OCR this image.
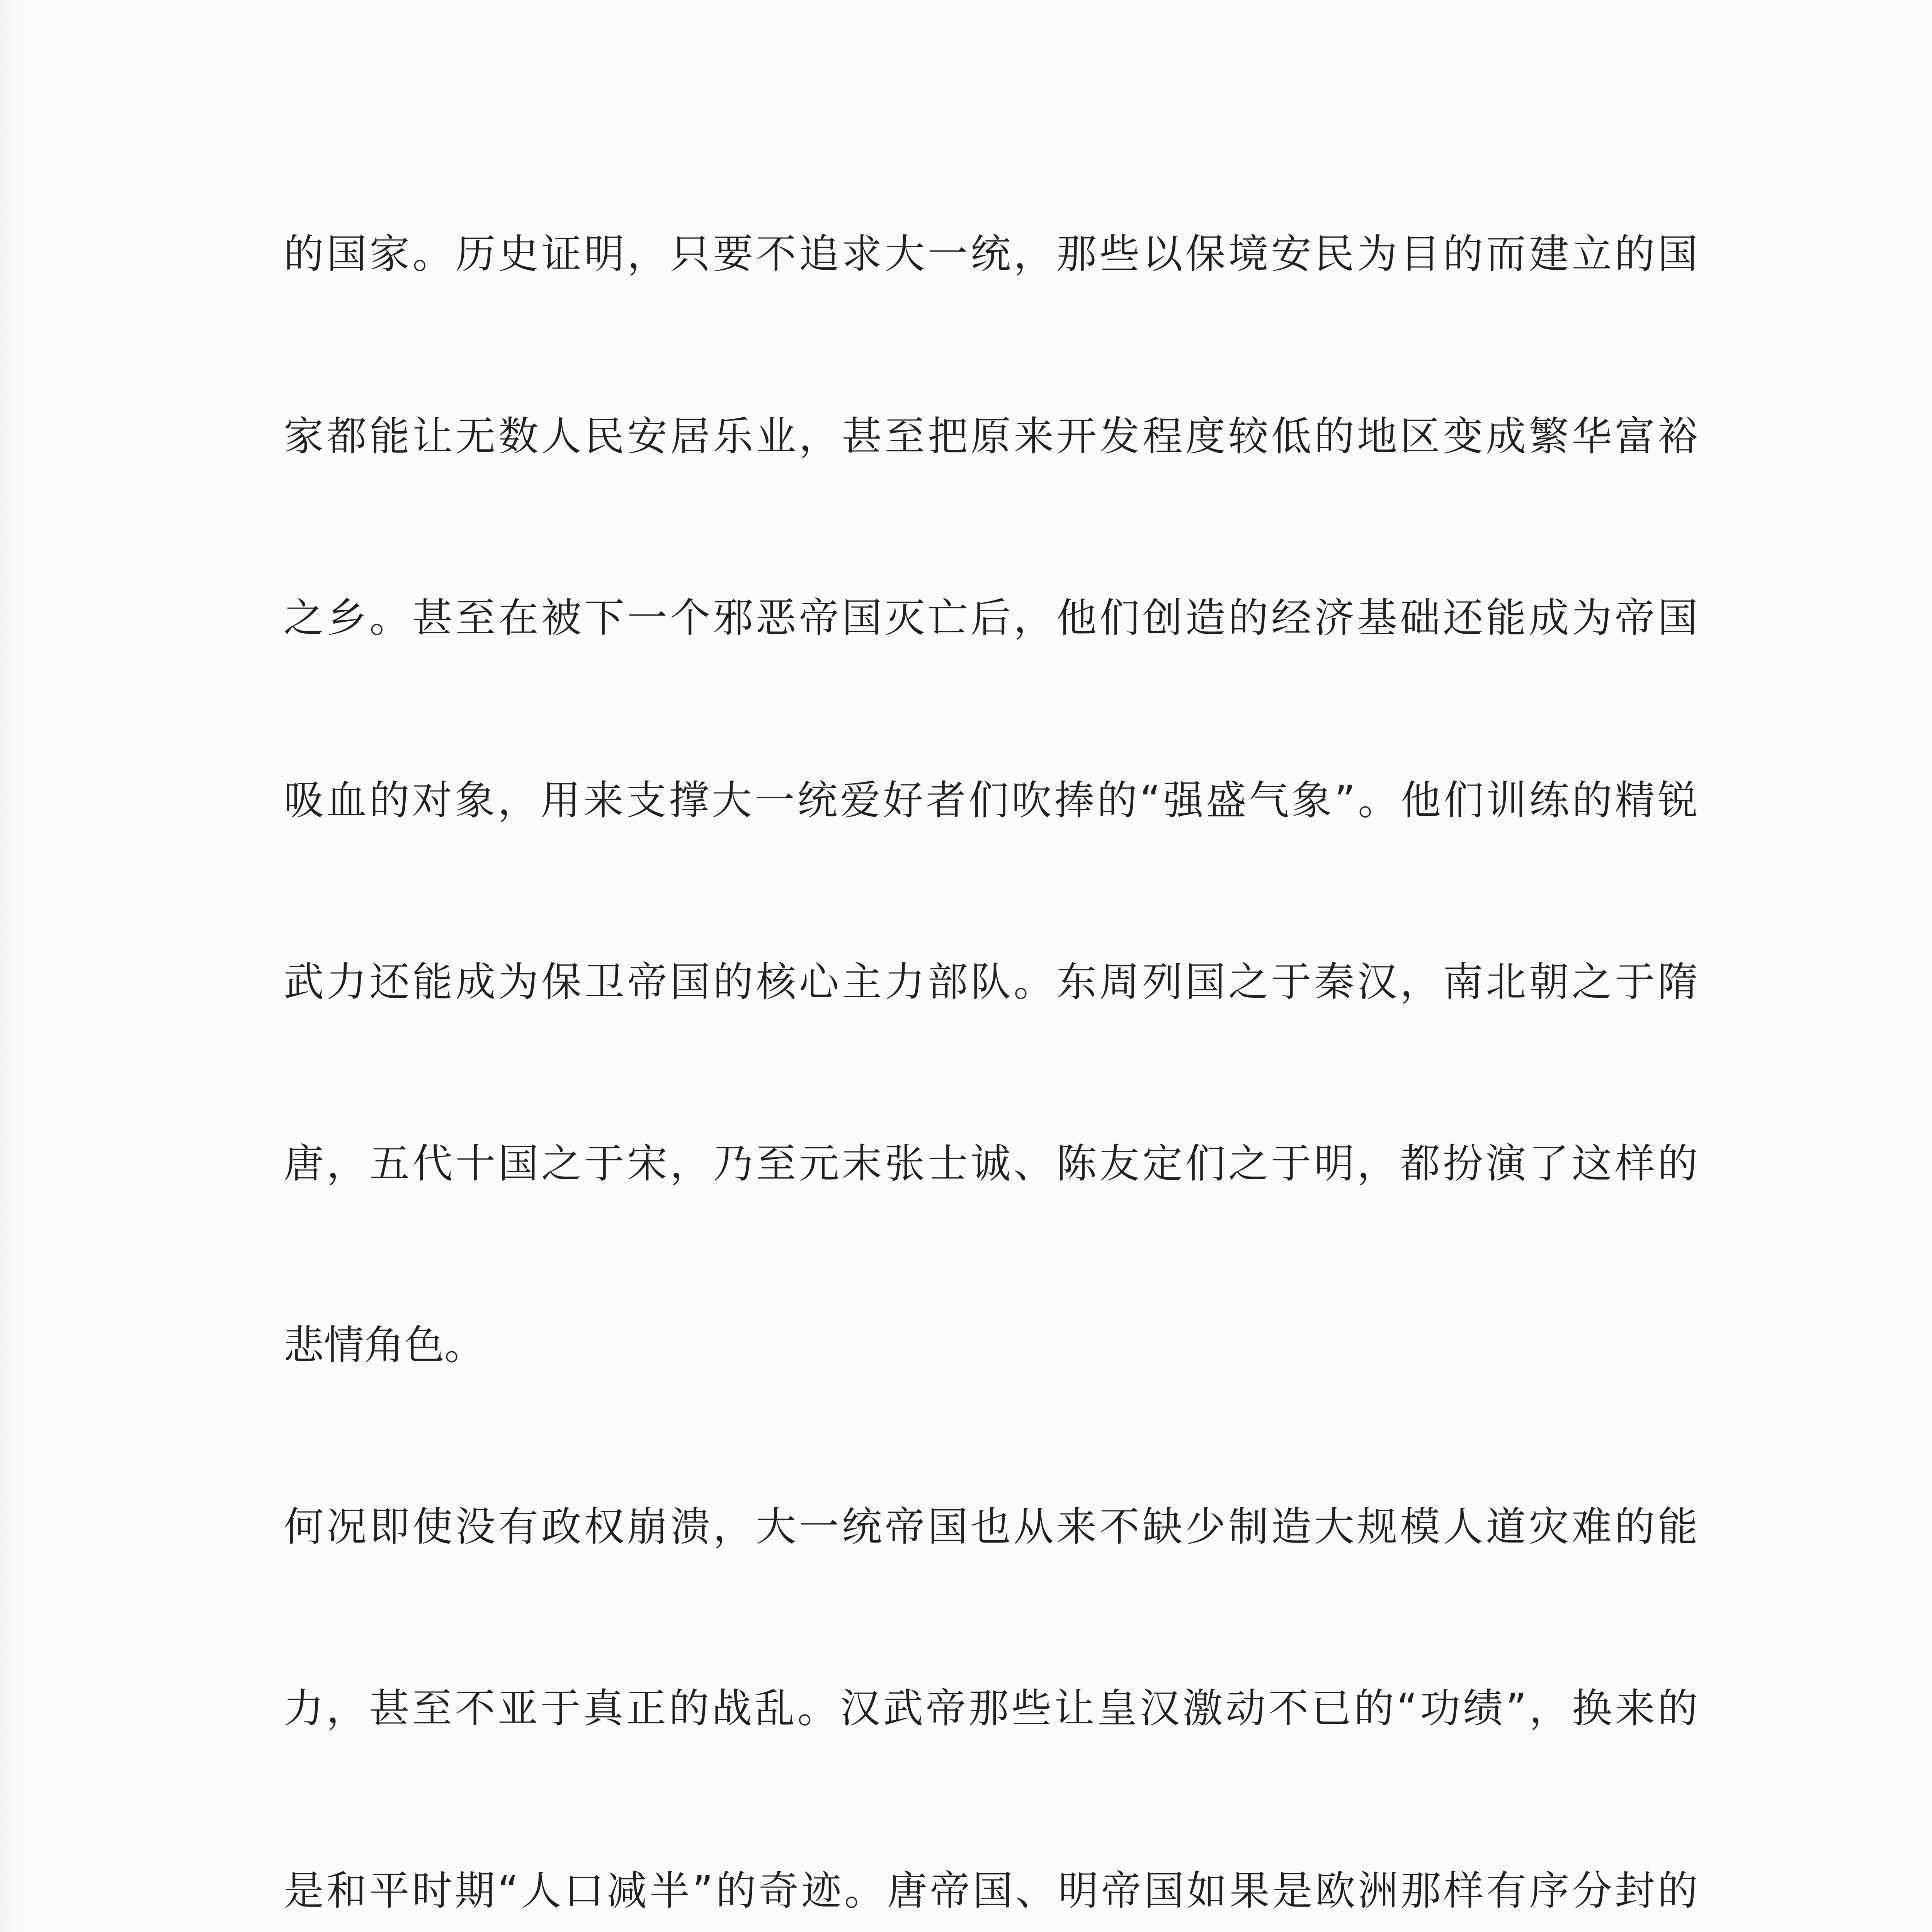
的国家。历史证明，只要不追求大一统，那些以保境安民为目的而建立的国
家都能让无数人民安居乐业，甚至把原来开发程度较低的地区变成繁华富裕
之乡。甚至在被下一个邪恶帝国灭亡后，他们创造的经济基础还能成为帝国
吸血的对象，用来支撑大一统爱好者们吹捧的“强盛气象”。他们训练的精锐
武力还能成为保卫帝国的核心主力部队。东周列国之于秦汉，南北朝之于隋
唐，五代十国之于宋，乃至元末张士诚、陈友定们之于明，都扮演了这样的
悲情角色。
何况即使没有政权崩溃，大一统帝国也从来不缺少制造大规模人道灾难的能
力，甚至不亚于真正的战乱。汉武帝那些让皇汉激动不已的“功绩”，换来的
是和平时期“人口减半”的奇迹。唐帝国、明帝国如果是欧洲那样有序分封的
